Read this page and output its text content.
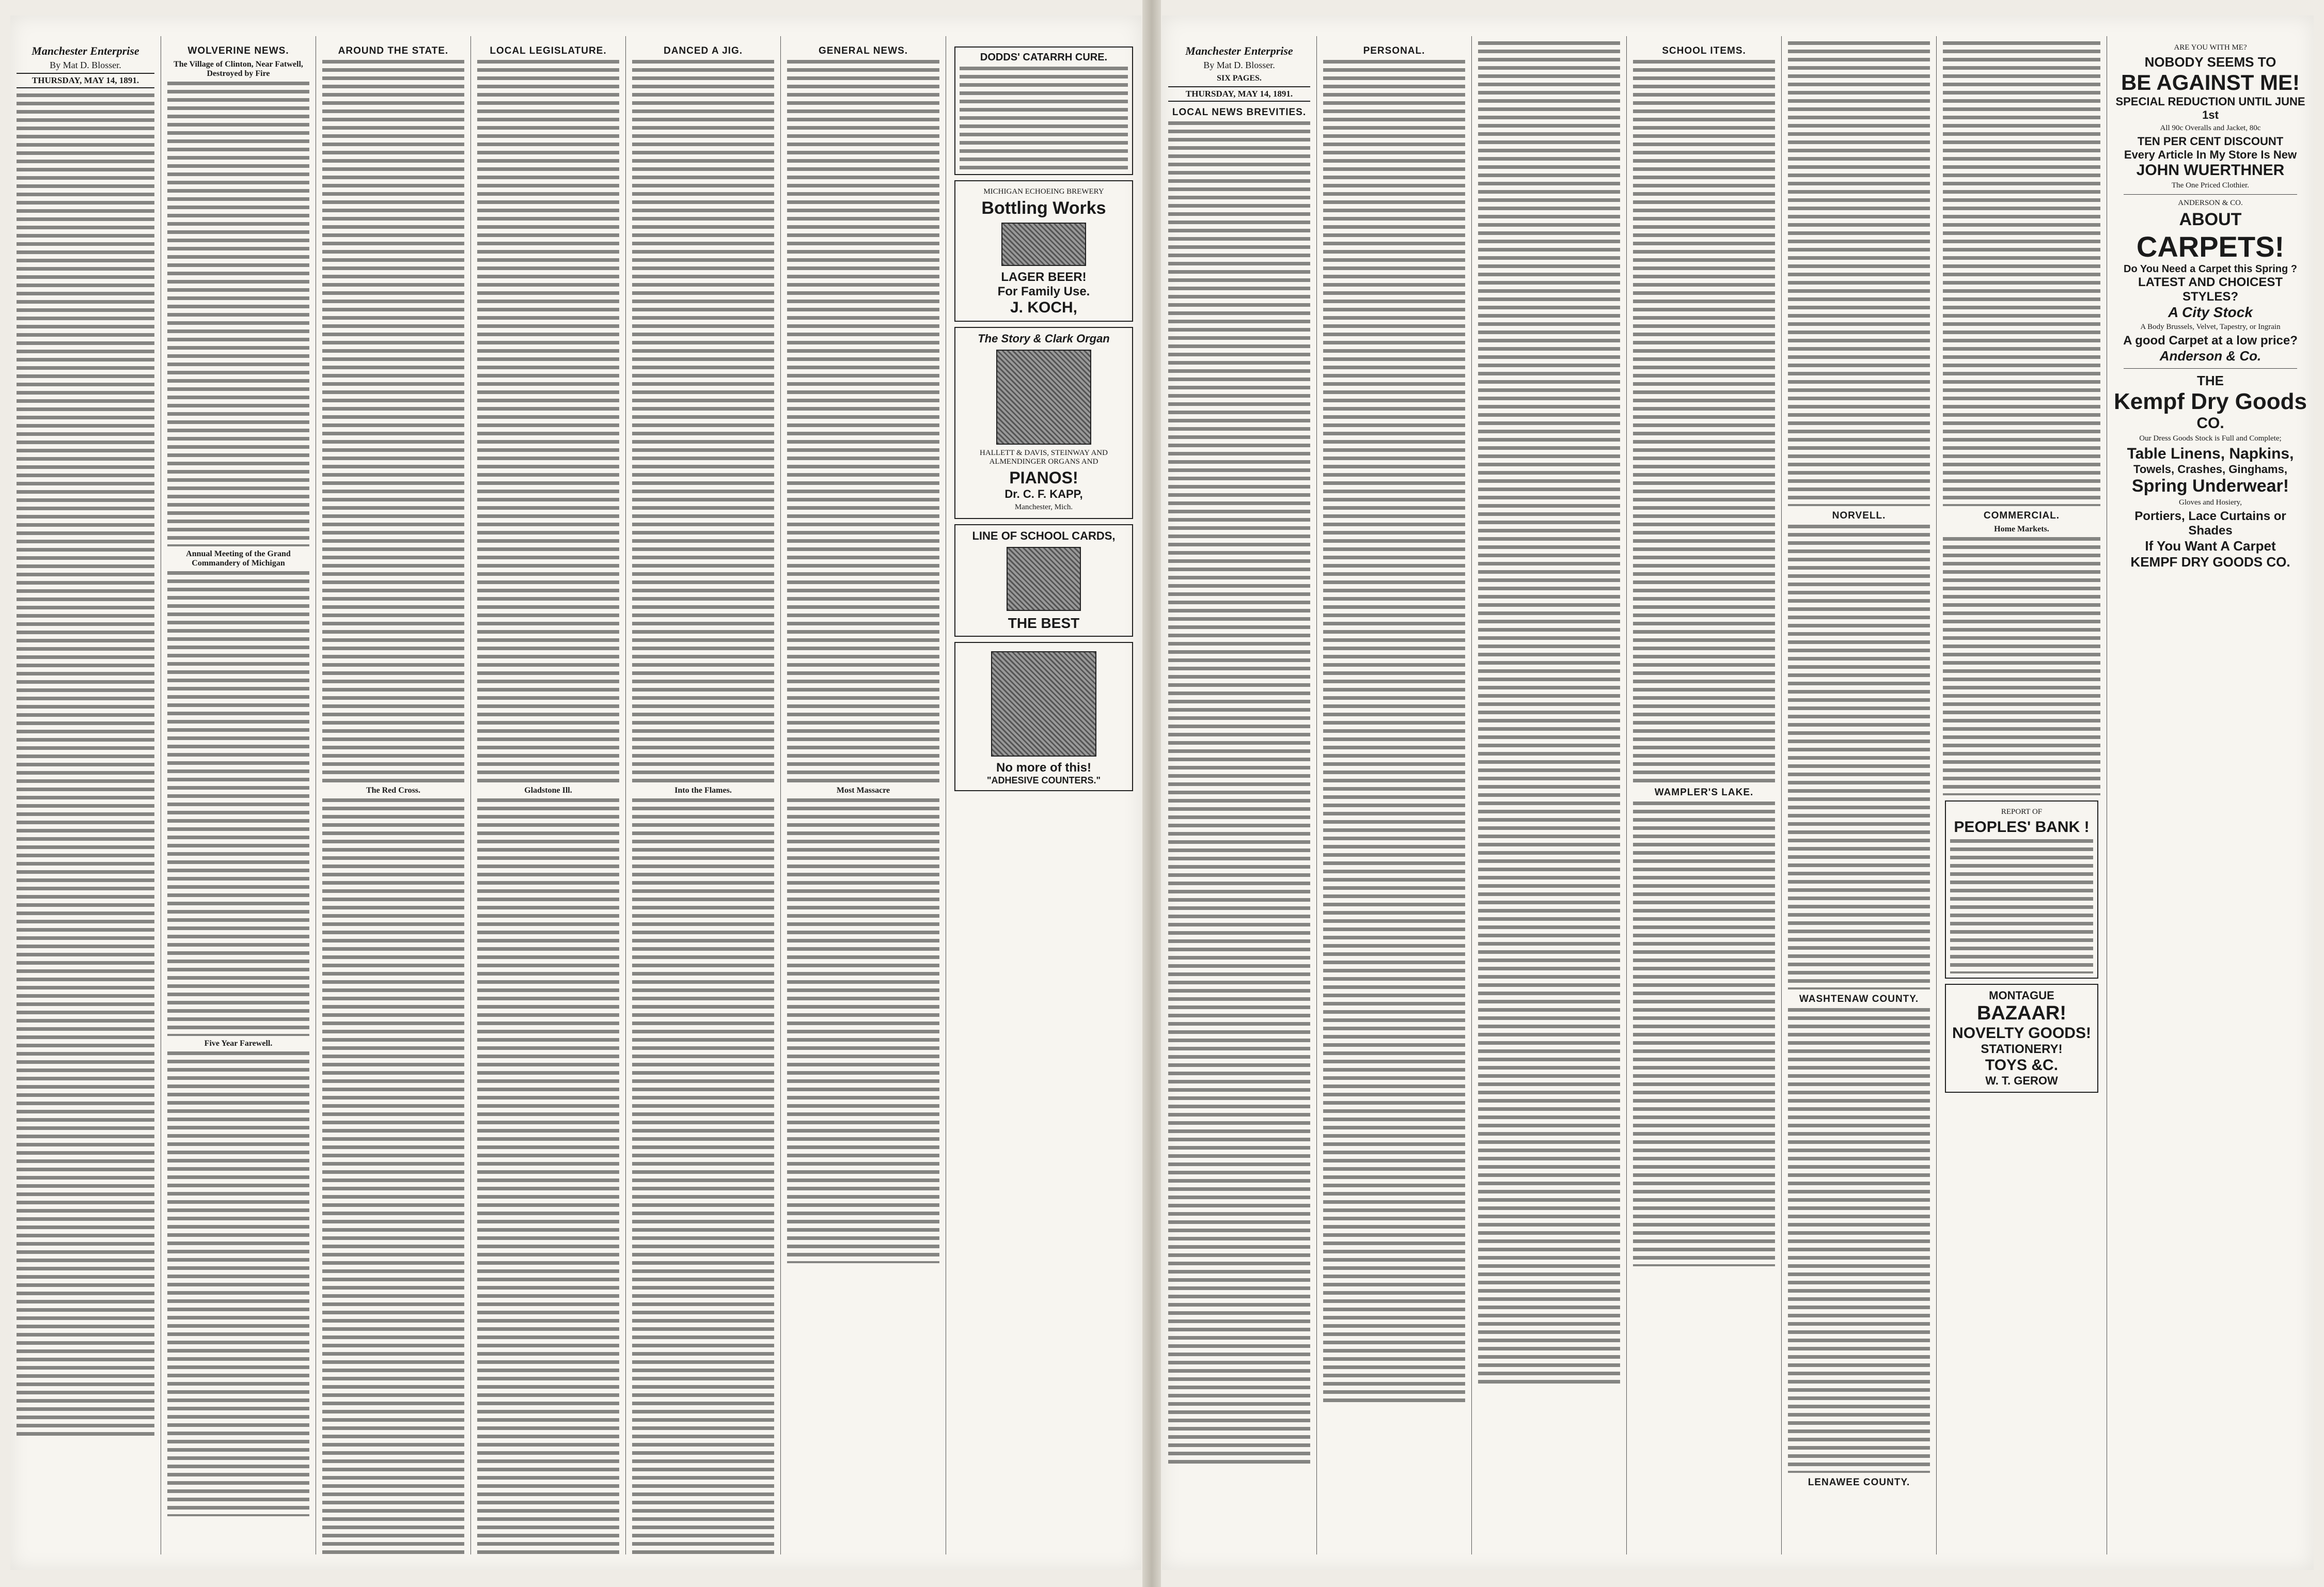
Manchester Enterprise
By Mat D. Blosser.
THURSDAY, MAY 14, 1891.
WOLVERINE NEWS.
The Village of Clinton, Near Fatwell, Destroyed by Fire
Annual Meeting of the Grand Commandery of Michigan
Five Year Farewell.
AROUND THE STATE.
The Red Cross.
LOCAL LEGISLATURE.
Gladstone Ill.
DANCED A JIG.
Into the Flames.
GENERAL NEWS.
Most Massacre
DODDS' CATARRH CURE.
MICHIGAN ECHOEING BREWERY
Bottling Works
LAGER BEER!
For Family Use.
J. KOCH,
The Story & Clark Organ
HALLETT & DAVIS, STEINWAY AND ALMENDINGER ORGANS AND
PIANOS!
Dr. C. F. KAPP,
Manchester, Mich.
LINE OF SCHOOL CARDS,
THE BEST
No more of this!
"ADHESIVE COUNTERS."
Manchester Enterprise
By Mat D. Blosser.
SIX PAGES.
THURSDAY, MAY 14, 1891.
LOCAL NEWS BREVITIES.
PERSONAL.	SCHOOL ITEMS.
WAMPLER'S LAKE.
NORVELL.
WASHTENAW COUNTY.
LENAWEE COUNTY.
COMMERCIAL.
Home Markets.
REPORT OF
PEOPLES' BANK !
MONTAGUE
BAZAAR!
NOVELTY GOODS!
STATIONERY!
TOYS &C.
W. T. GEROW
ARE YOU WITH ME?
NOBODY SEEMS TO
BE AGAINST ME!
SPECIAL REDUCTION UNTIL JUNE 1st
All 90c Overalls and Jacket, 80c
TEN PER CENT DISCOUNT
Every Article In My Store Is New
JOHN WUERTHNER
The One Priced Clothier.
ANDERSON & CO.
ABOUT
CARPETS!
Do You Need a Carpet this Spring ?
LATEST AND CHOICEST STYLES?
A City Stock
A Body Brussels, Velvet, Tapestry, or Ingrain
A good Carpet at a low price?
Anderson & Co.
THE
Kempf Dry Goods
CO.
Our Dress Goods Stock is Full and Complete;
Table Linens, Napkins,
Towels, Crashes, Ginghams,
Spring Underwear!
Gloves and Hosiery,
Portiers, Lace Curtains or Shades
If You Want A Carpet
KEMPF DRY GOODS CO.
